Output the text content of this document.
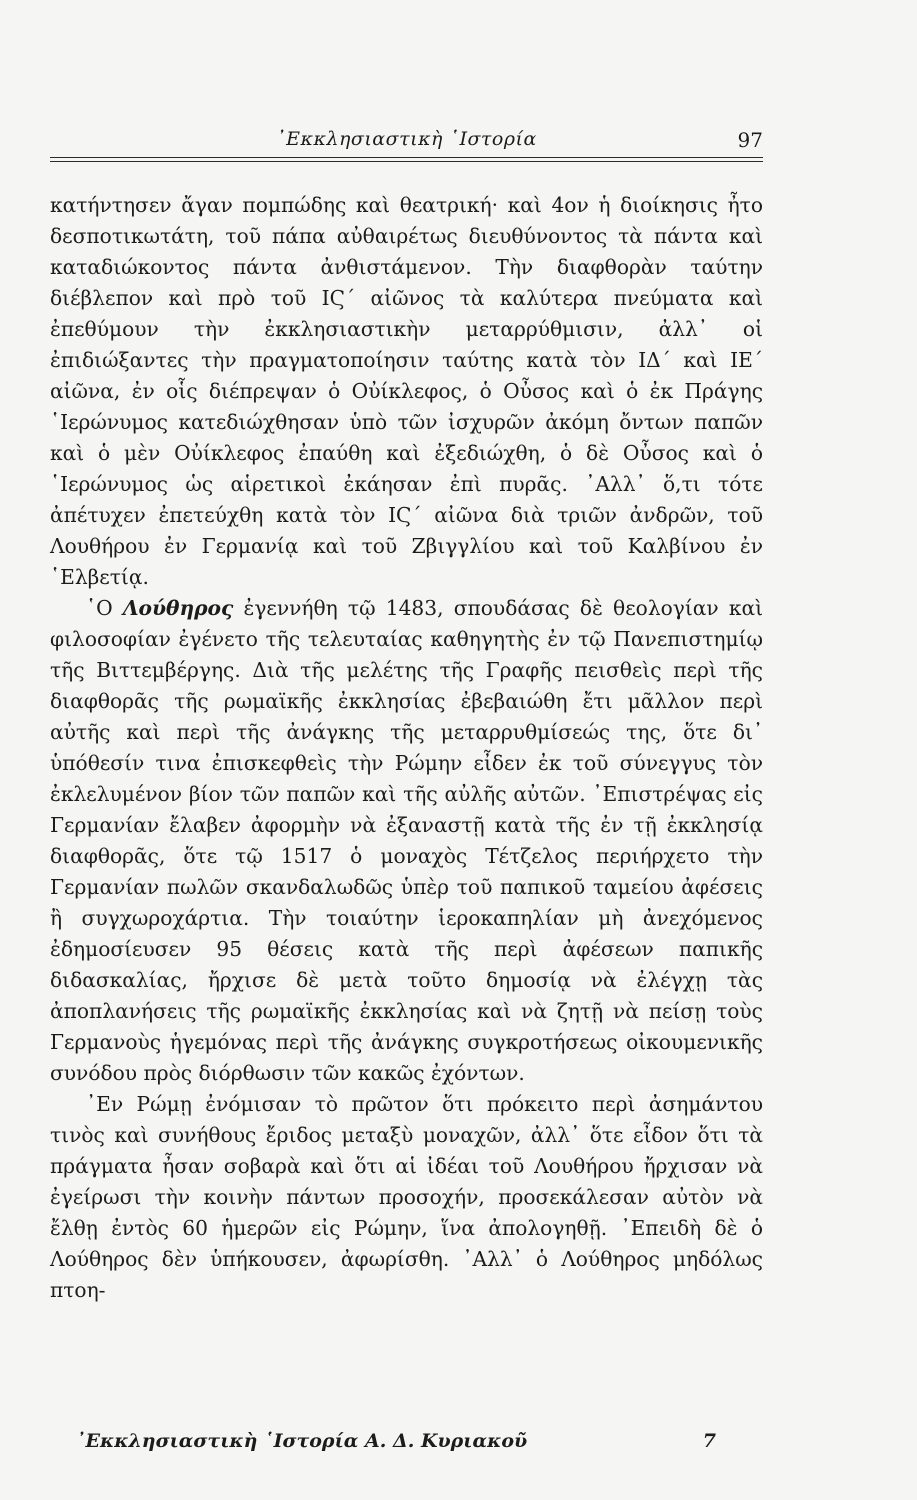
᾿Εκκλησιαστικὴ ῾Ιστορία	97

κατήντησεν ἄγαν πομπώδης καὶ θεατρική· καὶ 4ον ἡ διοίκησις ἦτο δεσποτικωτάτη, τοῦ πάπα αὐθαιρέτως διευθύνοντος τὰ πάντα καὶ καταδιώκοντος πάντα ἀνθιστάμενον. Τὴν διαφθορὰν ταύτην διέβλεπον καὶ πρὸ τοῦ ΙϚ΄ αἰῶνος τὰ καλύτερα πνεύματα καὶ ἐπεθύμουν τὴν ἐκκλησιαστικὴν μεταρρύθμισιν, ἀλλ᾿ οἱ ἐπιδιώξαντες τὴν πραγματοποίησιν ταύτης κατὰ τὸν ΙΔ΄ καὶ ΙΕ΄ αἰῶνα, ἐν οἷς διέπρεψαν ὁ Οὐίκλεφος, ὁ Οὖσος καὶ ὁ ἐκ Πράγης ῾Ιερώνυμος κατεδιώχθησαν ὑπὸ τῶν ἰσχυρῶν ἀκόμη ὄντων παπῶν καὶ ὁ μὲν Οὐίκλεφος ἐπαύθη καὶ ἐξεδιώχθη, ὁ δὲ Οὖσος καὶ ὁ ῾Ιερώνυμος ὡς αἱρετικοὶ ἐκάησαν ἐπὶ πυρᾶς. ᾿Αλλ᾿ ὅ,τι τότε ἀπέτυχεν ἐπετεύχθη κατὰ τὸν ΙϚ΄ αἰῶνα διὰ τριῶν ἀνδρῶν, τοῦ Λουθήρου ἐν Γερμανίᾳ καὶ τοῦ Ζβιγγλίου καὶ τοῦ Καλβίνου ἐν ῾Ελβετίᾳ.

῾Ο Λούθηρος ἐγεννήθη τῷ 1483, σπουδάσας δὲ θεολογίαν καὶ φιλοσοφίαν ἐγένετο τῆς τελευταίας καθηγητὴς ἐν τῷ Πανεπιστημίῳ τῆς Βιττεμβέργης. Διὰ τῆς μελέτης τῆς Γραφῆς πεισθεὶς περὶ τῆς διαφθορᾶς τῆς ρωμαϊκῆς ἐκκλησίας ἐβεβαιώθη ἔτι μᾶλλον περὶ αὐτῆς καὶ περὶ τῆς ἀνάγκης τῆς μεταρρυθμίσεώς της, ὅτε δι᾿ ὑπόθεσίν τινα ἐπισκεφθεὶς τὴν Ρώμην εἶδεν ἐκ τοῦ σύνεγγυς τὸν ἐκλελυμένον βίον τῶν παπῶν καὶ τῆς αὐλῆς αὐτῶν. ᾿Επιστρέψας εἰς Γερμανίαν ἔλαβεν ἀφορμὴν νὰ ἐξαναστῇ κατὰ τῆς ἐν τῇ ἐκκλησίᾳ διαφθορᾶς, ὅτε τῷ 1517 ὁ μοναχὸς Τέτζελος περιήρχετο τὴν Γερμανίαν πωλῶν σκανδαλωδῶς ὑπὲρ τοῦ παπικοῦ ταμείου ἀφέσεις ἢ συγχωροχάρτια. Τὴν τοιαύτην ἱεροκαπηλίαν μὴ ἀνεχόμενος ἐδημοσίευσεν 95 θέσεις κατὰ τῆς περὶ ἀφέσεων παπικῆς διδασκαλίας, ἤρχισε δὲ μετὰ τοῦτο δημοσίᾳ νὰ ἐλέγχῃ τὰς ἀποπλανήσεις τῆς ρωμαϊκῆς ἐκκλησίας καὶ νὰ ζητῇ νὰ πείσῃ τοὺς Γερμανοὺς ἡγεμόνας περὶ τῆς ἀνάγκης συγκροτήσεως οἰκουμενικῆς συνόδου πρὸς διόρθωσιν τῶν κακῶς ἐχόντων.

᾿Εν Ρώμῃ ἐνόμισαν τὸ πρῶτον ὅτι πρόκειτο περὶ ἀσημάντου τινὸς καὶ συνήθους ἔριδος μεταξὺ μοναχῶν, ἀλλ᾿ ὅτε εἶδον ὅτι τὰ πράγματα ἦσαν σοβαρὰ καὶ ὅτι αἱ ἰδέαι τοῦ Λουθήρου ἤρχισαν νὰ ἐγείρωσι τὴν κοινὴν πάντων προσοχήν, προσεκάλεσαν αὐτὸν νὰ ἔλθῃ ἐντὸς 60 ἡμερῶν εἰς Ρώμην, ἵνα ἀπολογηθῇ. ᾿Επειδὴ δὲ ὁ Λούθηρος δὲν ὑπήκουσεν, ἀφωρίσθη. ᾿Αλλ᾿ ὁ Λούθηρος μηδόλως πτοη-

᾿Εκκλησιαστικὴ ῾Ιστορία Α. Δ. Κυριακοῦ	7
